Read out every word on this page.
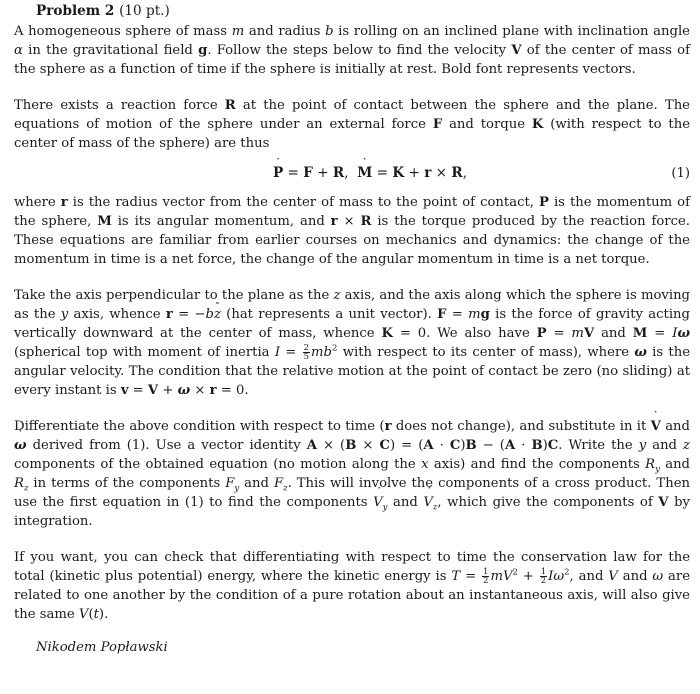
Problem 2 (10 pt.)

A homogeneous sphere of mass m and radius b is rolling on an inclined plane with inclination angle α in the gravitational field g. Follow the steps below to find the velocity V of the center of mass of the sphere as a function of time if the sphere is initially at rest. Bold font represents vectors.

There exists a reaction force R at the point of contact between the sphere and the plane. The equations of motion of the sphere under an external force F and torque K (with respect to the center of mass of the sphere) are thus

˙ P = F + R,  ˙ M = K + r × R,	(1)

where r is the radius vector from the center of mass to the point of contact, P is the momentum of the sphere, M is its angular momentum, and r × R is the torque produced by the reaction force. These equations are familiar from earlier courses on mechanics and dynamics: the change of the momentum in time is a net force, the change of the angular momentum in time is a net torque.

Take the axis perpendicular to the plane as the z axis, and the axis along which the sphere is moving as the y axis, whence r = −bˆ z (hat represents a unit vector). F = mg is the force of gravity acting vertically downward at the center of mass, whence K = 0. We also have P = mV and M = Iω (spherical top with moment of inertia $I = \frac{2}{5} mb^2$ with respect to its center of mass), where ω is the angular velocity. The condition that the relative motion at the point of contact be zero (no sliding) at every instant is v = V + ω × r = 0.

Differentiate the above condition with respect to time (r does not change), and substitute in it ˙ V and ˙ ω derived from (1). Use a vector identity A × (B × C) = (A · C)B − (A · B)C. Write the y and z components of the obtained equation (no motion along the x axis) and find the components $R_y$ and $R_z$ in terms of the components $F_y$ and $F_z$. This will involve the components of a cross product. Then use the first equation in (1) to find the components ˙ $V_y$ and ˙ $V_z$, which give the components of V by integration.

If you want, you can check that differentiating with respect to time the conservation law for the total (kinetic plus potential) energy, where the kinetic energy is $T = \frac{1}{2} mV^2 + \frac{1}{2} I\omega^2$, and V and ω are related to one another by the condition of a pure rotation about an instantaneous axis, will also give the same V(t).

Nikodem Popławski
